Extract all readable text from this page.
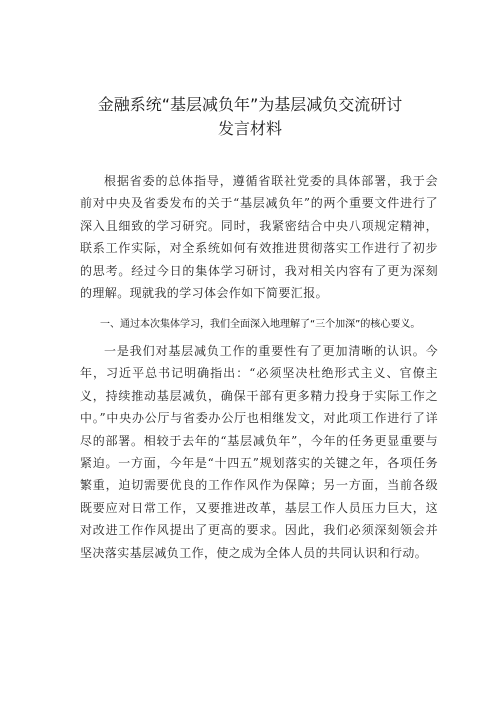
金融系统“基层减负年”为基层减负交流研讨
发言材料

根据省委的总体指导，遵循省联社党委的具体部署，我于会前对中央及省委发布的关于“基层减负年”的两个重要文件进行了深入且细致的学习研究。同时，我紧密结合中央八项规定精神，联系工作实际，对全系统如何有效推进贯彻落实工作进行了初步的思考。经过今日的集体学习研讨，我对相关内容有了更为深刻的理解。现就我的学习体会作如下简要汇报。

一、通过本次集体学习，我们全面深入地理解了“三个加深”的核心要义。

一是我们对基层减负工作的重要性有了更加清晰的认识。今年，习近平总书记明确指出：“必须坚决杜绝形式主义、官僚主义，持续推动基层减负，确保干部有更多精力投身于实际工作之中。”中央办公厅与省委办公厅也相继发文，对此项工作进行了详尽的部署。相较于去年的“基层减负年”，今年的任务更显重要与紧迫。一方面，今年是“十四五”规划落实的关键之年，各项任务繁重，迫切需要优良的工作作风作为保障；另一方面，当前各级既要应对日常工作，又要推进改革，基层工作人员压力巨大，这对改进工作作风提出了更高的要求。因此，我们必须深刻领会并坚决落实基层减负工作，使之成为全体人员的共同认识和行动。
